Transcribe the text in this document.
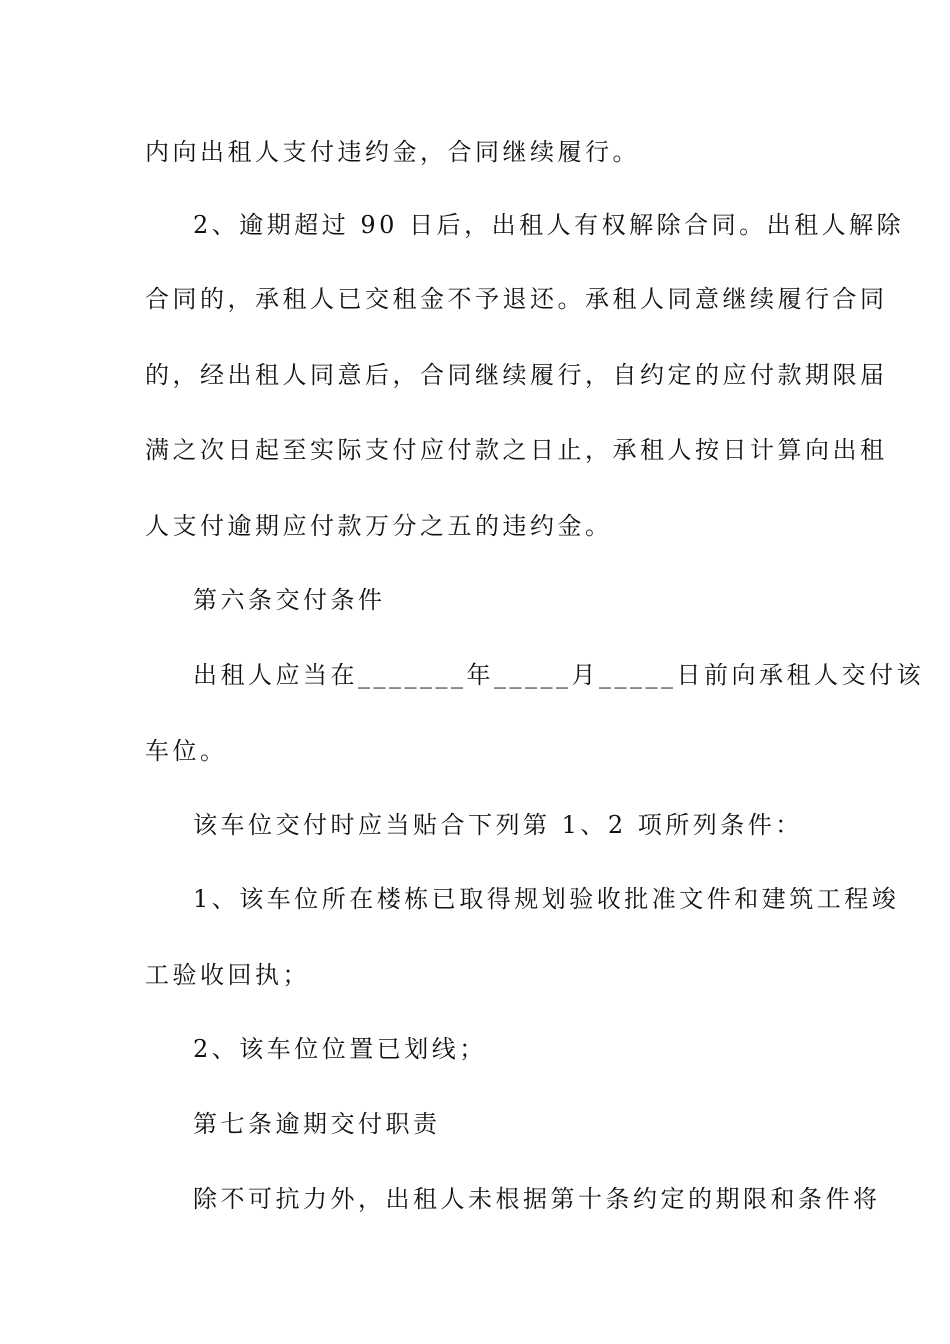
内向出租人支付违约金，合同继续履行。
2、逾期超过 90 日后，出租人有权解除合同。出租人解除
合同的，承租人已交租金不予退还。承租人同意继续履行合同
的，经出租人同意后，合同继续履行，自约定的应付款期限届
满之次日起至实际支付应付款之日止，承租人按日计算向出租
人支付逾期应付款万分之五的违约金。
第六条交付条件
出租人应当在_______年_____月_____日前向承租人交付该
车位。
该车位交付时应当贴合下列第 1、2 项所列条件：
1、该车位所在楼栋已取得规划验收批准文件和建筑工程竣
工验收回执；
2、该车位位置已划线；
第七条逾期交付职责
除不可抗力外，出租人未根据第十条约定的期限和条件将
